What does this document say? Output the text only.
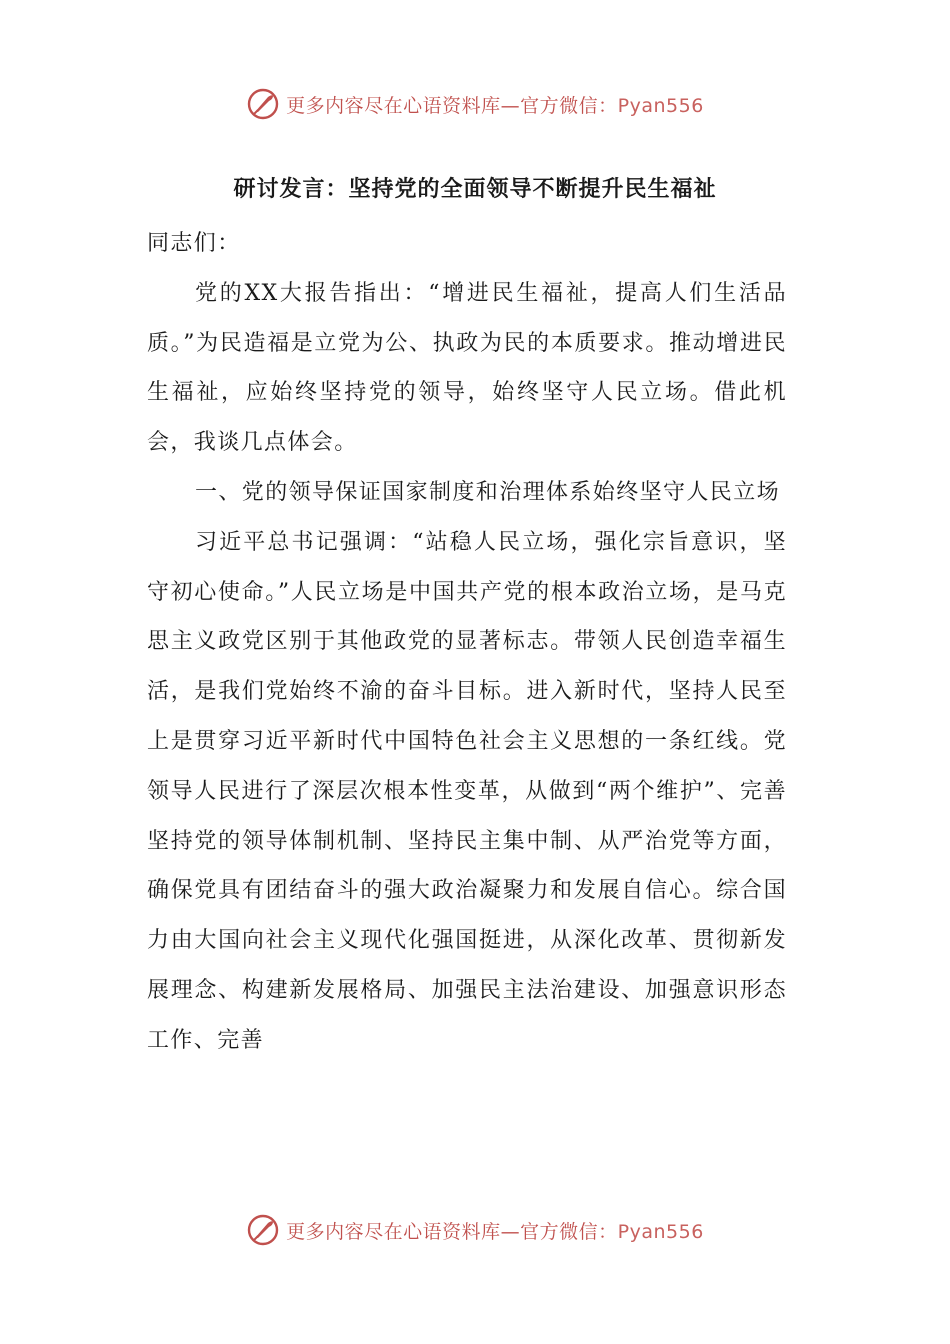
更多内容尽在心语资料库—官方微信：Pyan556
研讨发言：坚持党的全面领导不断提升民生福祉

同志们：

党的XX大报告指出：“增进民生福祉，提高人们生活品质。”为民造福是立党为公、执政为民的本质要求。推动增进民生福祉，应始终坚持党的领导，始终坚守人民立场。借此机会，我谈几点体会。

一、党的领导保证国家制度和治理体系始终坚守人民立场

习近平总书记强调：“站稳人民立场，强化宗旨意识，坚守初心使命。”人民立场是中国共产党的根本政治立场，是马克思主义政党区别于其他政党的显著标志。带领人民创造幸福生活，是我们党始终不渝的奋斗目标。进入新时代，坚持人民至上是贯穿习近平新时代中国特色社会主义思想的一条红线。党领导人民进行了深层次根本性变革，从做到“两个维护”、完善坚持党的领导体制机制、坚持民主集中制、从严治党等方面，确保党具有团结奋斗的强大政治凝聚力和发展自信心。综合国力由大国向社会主义现代化强国挺进，从深化改革、贯彻新发展理念、构建新发展格局、加强民主法治建设、加强意识形态工作、完善

更多内容尽在心语资料库—官方微信：Pyan556
